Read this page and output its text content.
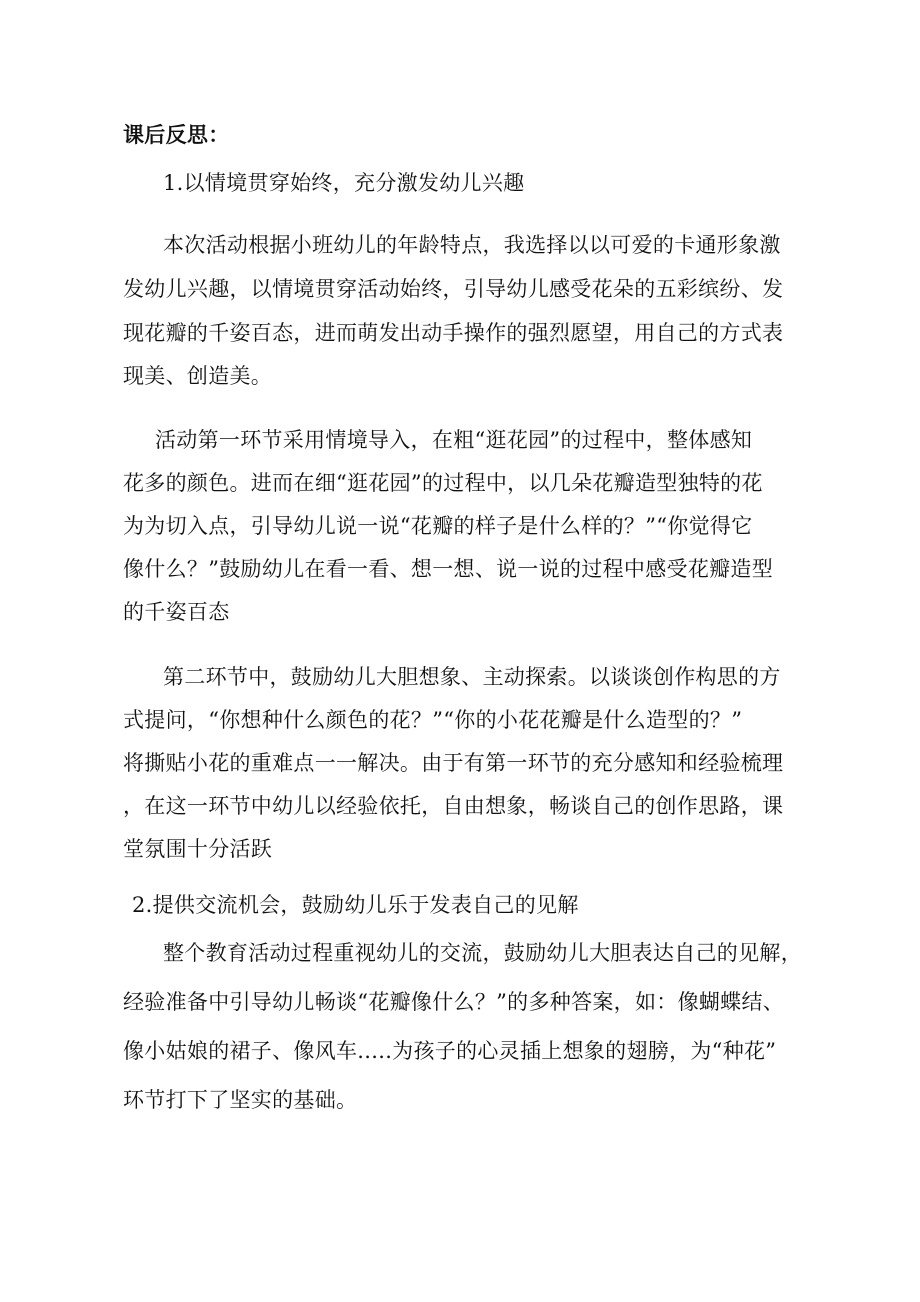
课后反思：
1.以情境贯穿始终，充分激发幼儿兴趣
本次活动根据小班幼儿的年龄特点，我选择以以可爱的卡通形象激
发幼儿兴趣，以情境贯穿活动始终，引导幼儿感受花朵的五彩缤纷、发
现花瓣的千姿百态，进而萌发出动手操作的强烈愿望，用自己的方式表
现美、创造美。
活动第一环节采用情境导入，在粗“逛花园”的过程中，整体感知
花多的颜色。进而在细“逛花园”的过程中，以几朵花瓣造型独特的花
为为切入点，引导幼儿说一说“花瓣的样子是什么样的？”“你觉得它
像什么？”鼓励幼儿在看一看、想一想、说一说的过程中感受花瓣造型
的千姿百态
第二环节中，鼓励幼儿大胆想象、主动探索。以谈谈创作构思的方
式提问，“你想种什么颜色的花？”“你的小花花瓣是什么造型的？”
将撕贴小花的重难点一一解决。由于有第一环节的充分感知和经验梳理
，在这一环节中幼儿以经验依托，自由想象，畅谈自己的创作思路，课
堂氛围十分活跃
2.提供交流机会，鼓励幼儿乐于发表自己的见解
整个教育活动过程重视幼儿的交流，鼓励幼儿大胆表达自己的见解，
经验准备中引导幼儿畅谈“花瓣像什么？”的多种答案，如：像蝴蝶结、
像小姑娘的裙子、像风车.....为孩子的心灵插上想象的翅膀，为“种花”
环节打下了坚实的基础。
